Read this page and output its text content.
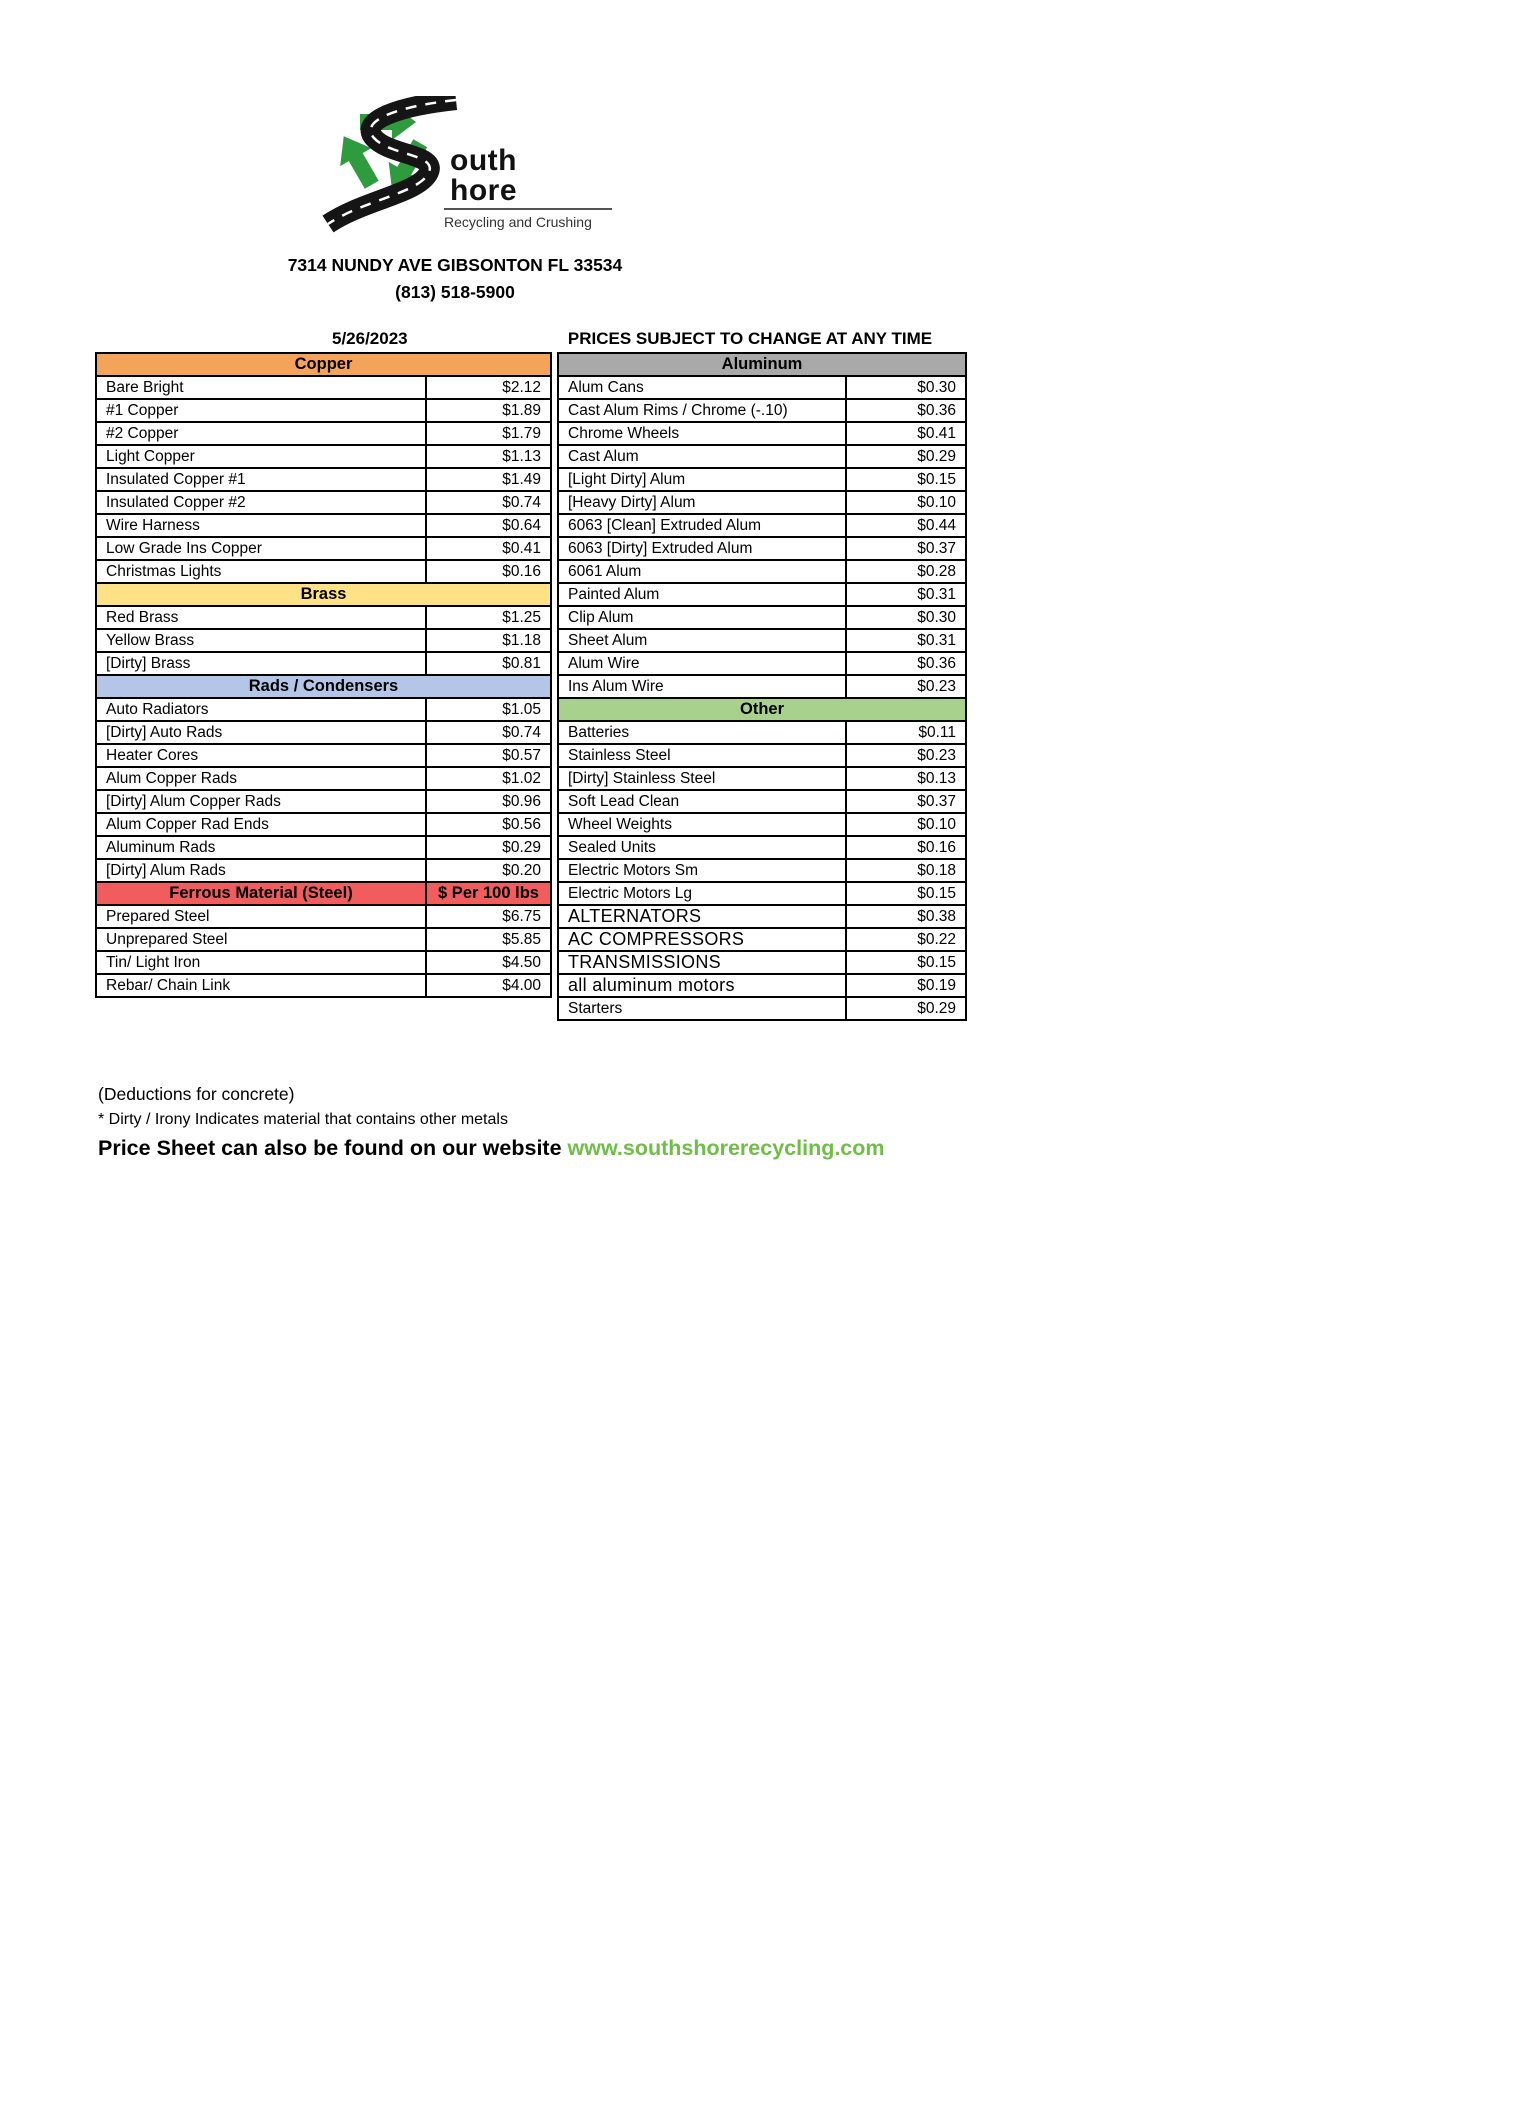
outh
hore
Recycling and Crushing
7314 NUNDY AVE GIBSONTON FL 33534
(813) 518-5900
5/26/2023	PRICES SUBJECT TO CHANGE AT ANY TIME
Copper	
Bare Bright	$2.12
#1 Copper	$1.89
#2 Copper	$1.79
Light Copper	$1.13
Insulated Copper #1	$1.49
Insulated Copper #2	$0.74
Wire Harness	$0.64
Low Grade Ins Copper	$0.41
Christmas Lights	$0.16
Brass	
Red Brass	$1.25
Yellow Brass	$1.18
[Dirty] Brass	$0.81
Rads / Condensers	
Auto Radiators	$1.05
[Dirty] Auto Rads	$0.74
Heater Cores	$0.57
Alum Copper Rads	$1.02
[Dirty] Alum Copper Rads	$0.96
Alum Copper Rad Ends	$0.56
Aluminum Rads	$0.29
[Dirty] Alum Rads	$0.20
Ferrous Material (Steel)	$ Per 100 lbs
Prepared Steel	$6.75
Unprepared Steel	$5.85
Tin/ Light Iron	$4.50
Rebar/ Chain Link	$4.00
Aluminum	
Alum Cans	$0.30
Cast Alum Rims / Chrome (-.10)	$0.36
Chrome Wheels	$0.41
Cast Alum	$0.29
[Light Dirty] Alum	$0.15
[Heavy Dirty] Alum	$0.10
6063 [Clean] Extruded Alum	$0.44
6063 [Dirty] Extruded Alum	$0.37
6061 Alum	$0.28
Painted Alum	$0.31
Clip Alum	$0.30
Sheet Alum	$0.31
Alum Wire	$0.36
Ins Alum Wire	$0.23
Other	
Batteries	$0.11
Stainless Steel	$0.23
[Dirty] Stainless Steel	$0.13
Soft Lead Clean	$0.37
Wheel Weights	$0.10
Sealed Units	$0.16
Electric Motors Sm	$0.18
Electric Motors Lg	$0.15
ALTERNATORS	$0.38
AC COMPRESSORS	$0.22
TRANSMISSIONS	$0.15
all aluminum motors	$0.19
Starters	$0.29
(Deductions for concrete)
* Dirty / Irony Indicates material that contains other metals
Price Sheet can also be found on our website www.southshorerecycling.com
